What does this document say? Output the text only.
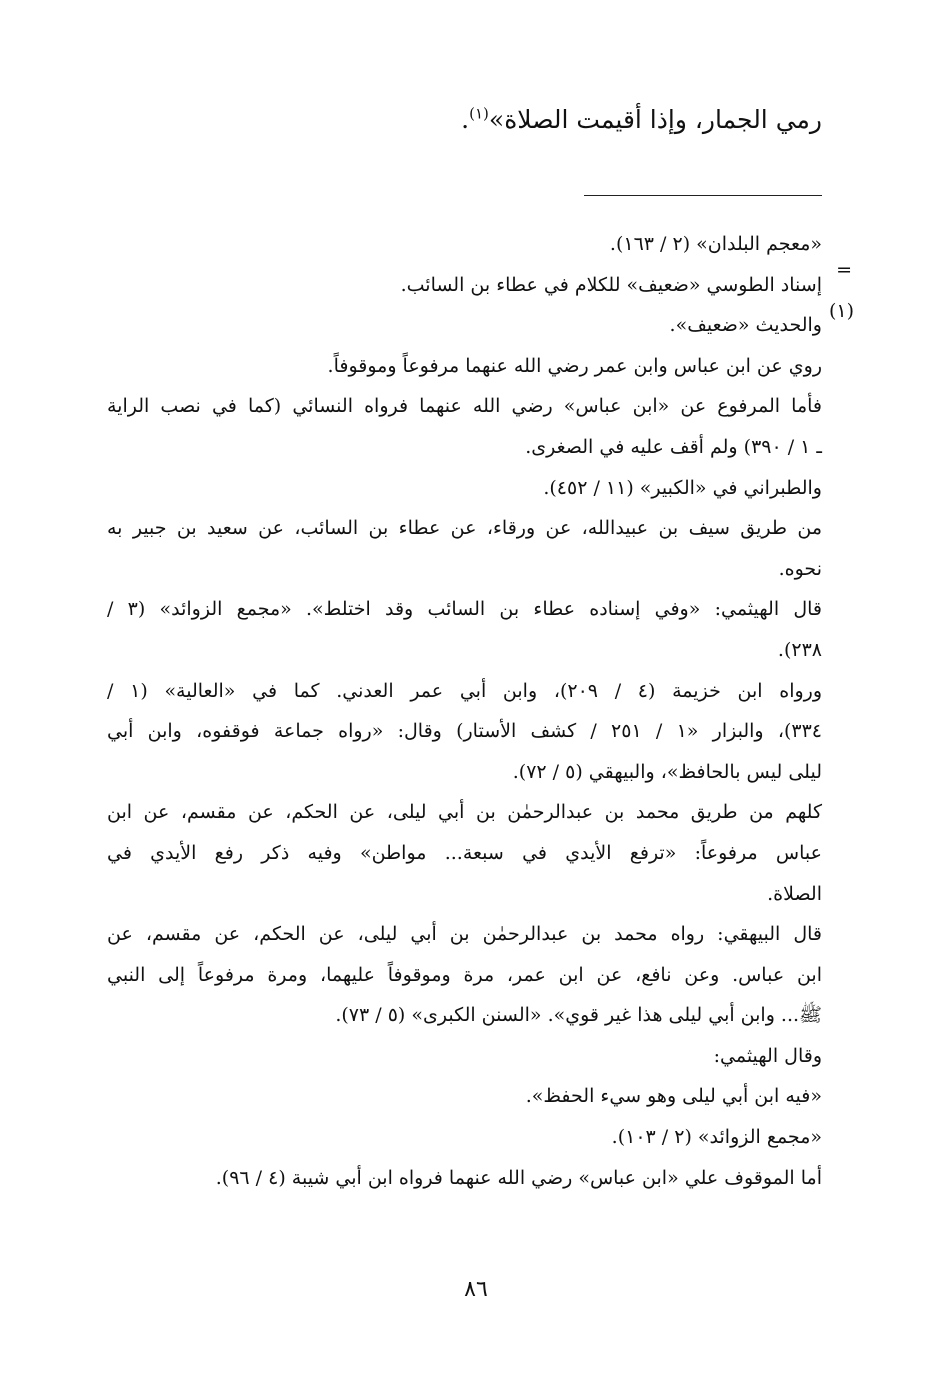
رمي الجمار، وإذا أقيمت الصلاة»$^{(١)}$.
=
«معجم البلدان» (٢ / ١٦٣).
(١)
إسناد الطوسي «ضعيف» للكلام في عطاء بن السائب.
والحديث «ضعيف».
روي عن ابن عباس وابن عمر رضي الله عنهما مرفوعاً وموقوفاً.
فأما المرفوع عن «ابن عباس» رضي الله عنهما فرواه النسائي (كما في نصب الراية
ـ ١ / ٣٩٠) ولم أقف عليه في الصغرى.
والطبراني في «الكبير» (١١ / ٤٥٢).
من طريق سيف بن عبيدالله، عن ورقاء، عن عطاء بن السائب، عن سعيد بن جبير به
نحوه.
قال الهيثمي: «وفي إسناده عطاء بن السائب وقد اختلط». «مجمع الزوائد» (٣ /
٢٣٨).
ورواه ابن خزيمة (٤ / ٢٠٩)، وابن أبي عمر العدني. كما في «العالية» (١ /
٣٣٤)، والبزار «١ / ٢٥١ / كشف الأستار) وقال: «رواه جماعة فوقفوه، وابن أبي
ليلى ليس بالحافظ»، والبيهقي (٥ / ٧٢).
كلهم من طريق محمد بن عبدالرحمٰن بن أبي ليلى، عن الحكم، عن مقسم، عن ابن
عباس مرفوعاً: «ترفع الأيدي في سبعة... مواطن» وفيه ذكر رفع الأيدي في
الصلاة.
قال البيهقي: رواه محمد بن عبدالرحمٰن بن أبي ليلى، عن الحكم، عن مقسم، عن
ابن عباس. وعن نافع، عن ابن عمر، مرة وموقوفاً عليهما، ومرة مرفوعاً إلى النبي
ﷺ... وابن أبي ليلى هذا غير قوي». «السنن الكبرى» (٥ / ٧٣).
وقال الهيثمي:
«فيه ابن أبي ليلى وهو سيء الحفظ».
«مجمع الزوائد» (٢ / ١٠٣).
أما الموقوف علي «ابن عباس» رضي الله عنهما فرواه ابن أبي شيبة (٤ / ٩٦).
٨٦
